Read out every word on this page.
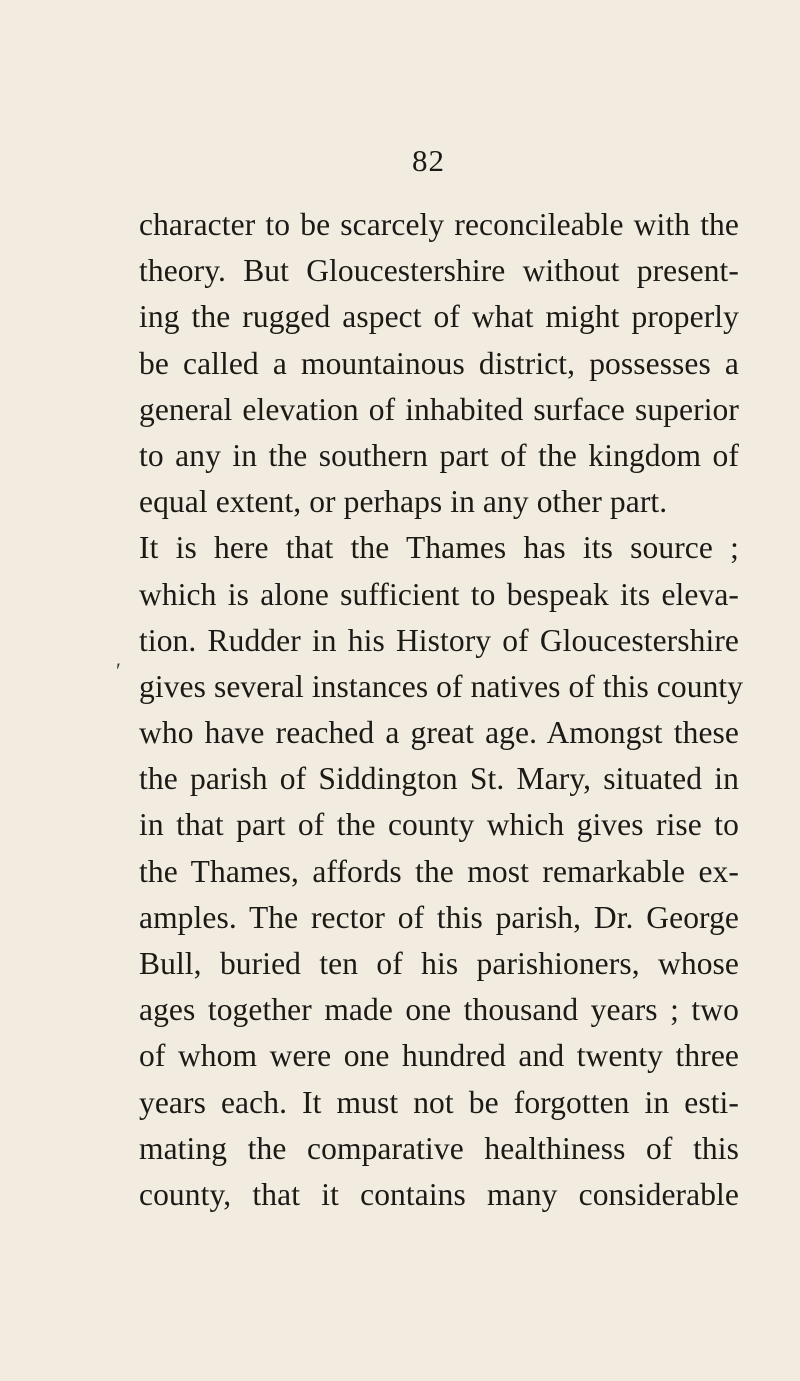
82
′
character to be scarcely reconcileable with the
theory. But Gloucestershire without present-
ing the rugged aspect of what might properly
be called a mountainous district, possesses a
general elevation of inhabited surface superior
to any in the southern part of the kingdom of
equal extent, or perhaps in any other part.
It is here that the Thames has its source ;
which is alone sufficient to bespeak its eleva-
tion. Rudder in his History of Gloucestershire
gives several instances of natives of this county
who have reached a great age. Amongst these
the parish of Siddington St. Mary, situated in
in that part of the county which gives rise to
the Thames, affords the most remarkable ex-
amples. The rector of this parish, Dr. George
Bull, buried ten of his parishioners, whose
ages together made one thousand years ; two
of whom were one hundred and twenty three
years each. It must not be forgotten in esti-
mating the comparative healthiness of this
county, that it contains many considerable
